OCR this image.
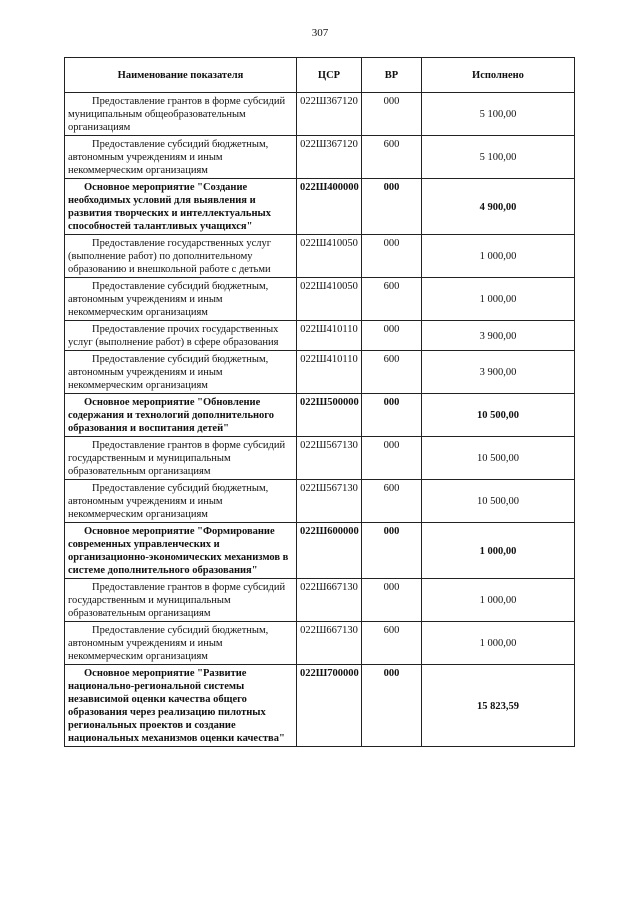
307
Наименование показателя	ЦСР	ВР	Исполнено
Предоставление грантов в форме субсидий муниципальным общеобразовательным организациям	022Ш367120	000	5 100,00
Предоставление субсидий бюджетным, автономным учреждениям и иным некоммерческим организациям	022Ш367120	600	5 100,00
Основное мероприятие "Создание необходимых условий для выявления и развития творческих и интеллектуальных способностей талантливых учащихся"	022Ш400000	000	4 900,00
Предоставление государственных услуг (выполнение работ) по дополнительному образованию и внешкольной работе с детьми	022Ш410050	000	1 000,00
Предоставление субсидий бюджетным, автономным учреждениям и иным некоммерческим организациям	022Ш410050	600	1 000,00
Предоставление прочих государственных услуг (выполнение работ) в сфере образования	022Ш410110	000	3 900,00
Предоставление субсидий бюджетным, автономным учреждениям и иным некоммерческим организациям	022Ш410110	600	3 900,00
Основное мероприятие "Обновление содержания и технологий дополнительного образования и воспитания детей"	022Ш500000	000	10 500,00
Предоставление грантов в форме субсидий государственным и муниципальным образовательным организациям	022Ш567130	000	10 500,00
Предоставление субсидий бюджетным, автономным учреждениям и иным некоммерческим организациям	022Ш567130	600	10 500,00
Основное мероприятие "Формирование современных управленческих и организационно-экономических механизмов в системе дополнительного образования"	022Ш600000	000	1 000,00
Предоставление грантов в форме субсидий государственным и муниципальным образовательным организациям	022Ш667130	000	1 000,00
Предоставление субсидий бюджетным, автономным учреждениям и иным некоммерческим организациям	022Ш667130	600	1 000,00
Основное мероприятие "Развитие национально-региональной системы независимой оценки качества общего образования через реализацию пилотных региональных проектов и создание национальных механизмов оценки качества"	022Ш700000	000	15 823,59
